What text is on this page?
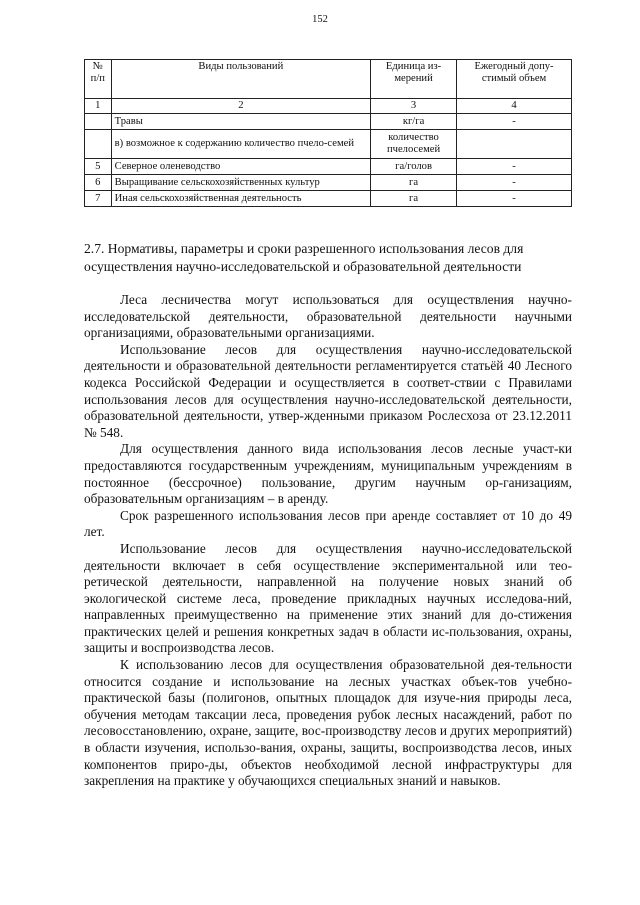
152
№ п/п	Виды пользований	Единица из-мерений	Ежегодный допу-стимый объем
1	2	3	4
	Травы	кг/га	-
	в) возможное к содержанию количество пчело-семей	количество пчелосемей	
5	Северное оленеводство	га/голов	-
6	Выращивание сельскохозяйственных культур	га	-
7	Иная сельскохозяйственная деятельность	га	-
2.7. Нормативы, параметры и сроки разрешенного использования лесов для осуществления научно-исследовательской и образовательной деятельности

Леса лесничества могут использоваться для осуществления научно-исследовательской деятельности, образовательной деятельности научными организациями, образовательными организациями.

Использование лесов для осуществления научно-исследовательской деятельности и образовательной деятельности регламентируется статьёй 40 Лесного кодекса Российской Федерации и осуществляется в соответ-ствии с Правилами использования лесов для осуществления научно-исследовательской деятельности, образовательной деятельности, утвер-жденными приказом Рослесхоза от 23.12.2011 № 548.

Для осуществления данного вида использования лесов лесные участ-ки предоставляются государственным учреждениям, муниципальным учреждениям в постоянное (бессрочное) пользование, другим научным ор-ганизациям, образовательным организациям – в аренду.

Срок разрешенного использования лесов при аренде составляет от 10 до 49 лет.

Использование лесов для осуществления научно-исследовательской деятельности включает в себя осуществление экспериментальной или тео-ретической деятельности, направленной на получение новых знаний об экологической системе леса, проведение прикладных научных исследова-ний, направленных преимущественно на применение этих знаний для до-стижения практических целей и решения конкретных задач в области ис-пользования, охраны, защиты и воспроизводства лесов.

К использованию лесов для осуществления образовательной дея-тельности относится создание и использование на лесных участках объек-тов учебно-практической базы (полигонов, опытных площадок для изуче-ния природы леса, обучения методам таксации леса, проведения рубок лесных насаждений, работ по лесовосстановлению, охране, защите, вос-производству лесов и других мероприятий) в области изучения, использо-вания, охраны, защиты, воспроизводства лесов, иных компонентов приро-ды, объектов необходимой лесной инфраструктуры для закрепления на практике у обучающихся специальных знаний и навыков.
